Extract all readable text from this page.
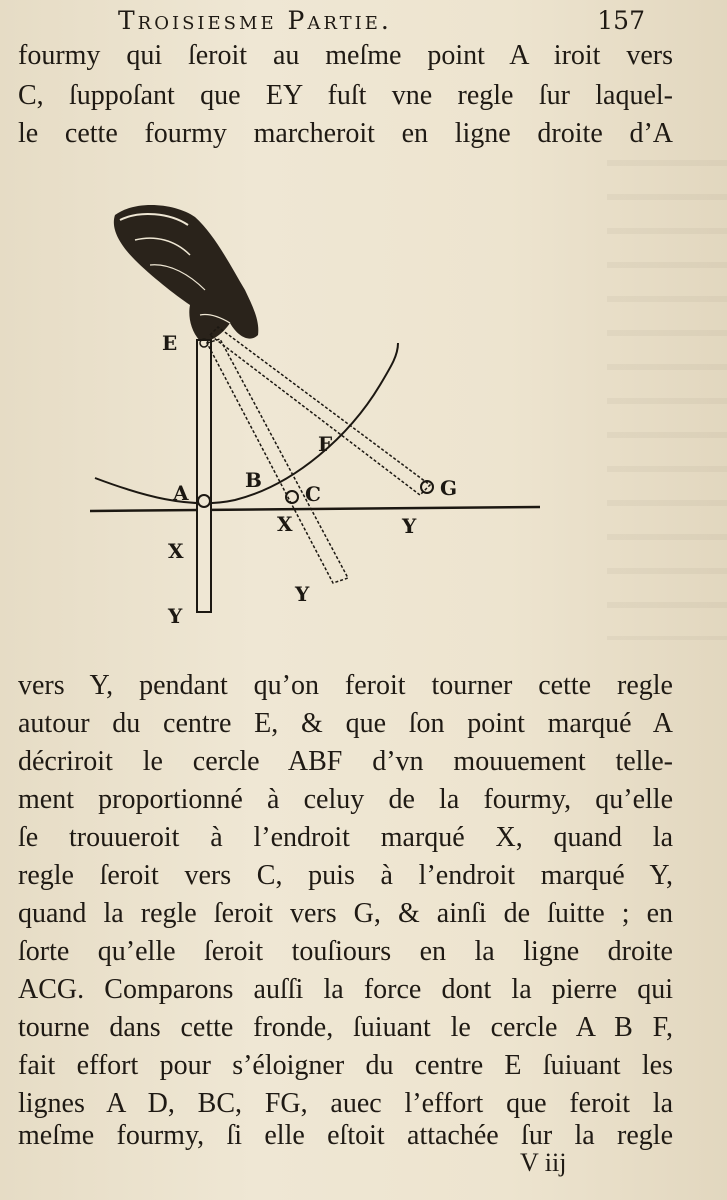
Troisiesme Partie.	157
fourmy qui ſeroit au meſme point A iroit vers
C, ſuppoſant que EY fuſt vne regle ſur laquel-
le cette fourmy marcheroit en ligne droite d’A
E
A
B
C
F
G
X
Y
X
Y
Y
vers Y, pendant qu’on feroit tourner cette regle
autour du centre E, & que ſon point marqué A
décriroit le cercle ABF d’vn mouuement telle-
ment proportionné à celuy de la fourmy, qu’elle
ſe trouueroit à l’endroit marqué X, quand la
regle ſeroit vers C, puis à l’endroit marqué Y,
quand la regle ſeroit vers G, & ainſi de ſuitte ; en
ſorte qu’elle ſeroit touſiours en la ligne droite
ACG. Comparons auſſi la force dont la pierre qui
tourne dans cette fronde, ſuiuant le cercle A B F,
fait effort pour s’éloigner du centre E ſuiuant les
lignes A D, BC, FG, auec l’effort que feroit la
meſme fourmy, ſi elle eſtoit attachée ſur la regle
V iij
